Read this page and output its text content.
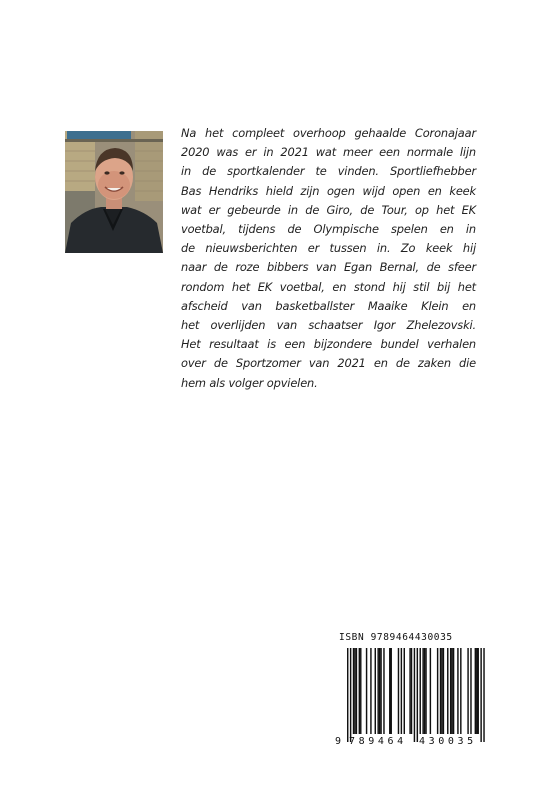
Na het compleet overhoop gehaalde Coronajaar
2020 was er in 2021 wat meer een normale lijn
in de sportkalender te vinden. Sportliefhebber
Bas Hendriks hield zijn ogen wijd open en keek
wat er gebeurde in de Giro, de Tour, op het EK
voetbal, tijdens de Olympische spelen en in
de nieuwsberichten er tussen in. Zo keek hij
naar de roze bibbers van Egan Bernal, de sfeer
rondom het EK voetbal, en stond hij stil bij het
afscheid van basketballster Maaike Klein en
het overlijden van schaatser Igor Zhelezovski.
Het resultaat is een bijzondere bundel verhalen
over de Sportzomer van 2021 en de zaken die
hem als volger opvielen.

ISBN 9789464430035
9 789464 430035
